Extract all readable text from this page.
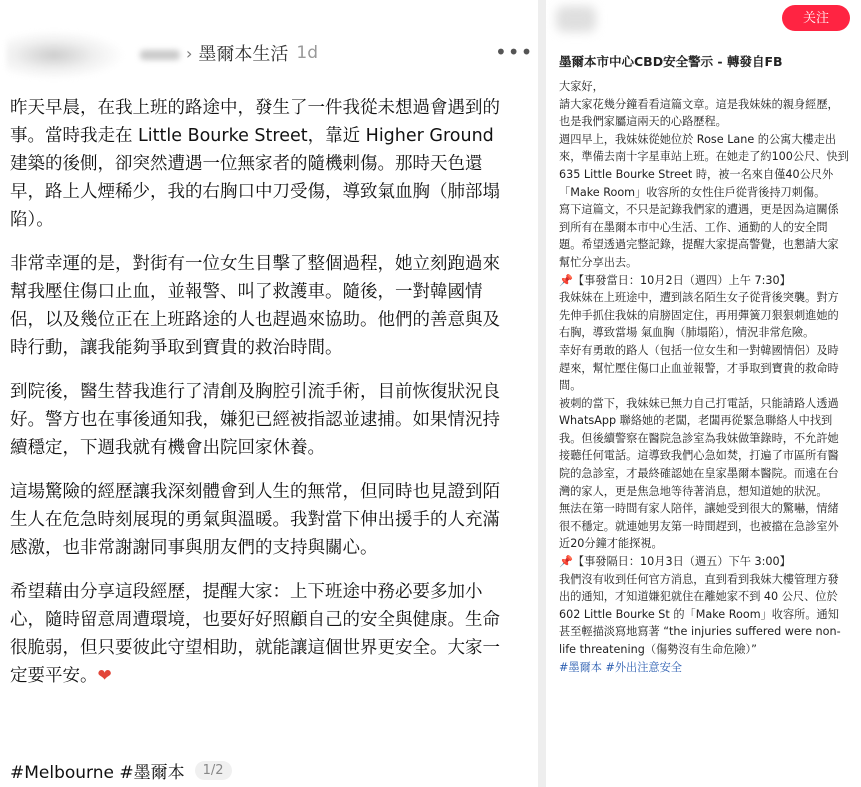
› 墨爾本生活 1d	•••

昨天早晨，在我上班的路途中，發生了一件我從未想過會遇到的事。當時我走在 Little Bourke Street，靠近 Higher Ground 建築的後側，卻突然遭遇一位無家者的隨機刺傷。那時天色還早，路上人煙稀少，我的右胸口中刀受傷，導致氣血胸（肺部塌陷）。

非常幸運的是，對街有一位女生目擊了整個過程，她立刻跑過來幫我壓住傷口止血，並報警、叫了救護車。隨後，一對韓國情侶，以及幾位正在上班路途的人也趕過來協助。他們的善意與及時行動，讓我能夠爭取到寶貴的救治時間。

到院後，醫生替我進行了清創及胸腔引流手術，目前恢復狀況良好。警方也在事後通知我，嫌犯已經被指認並逮捕。如果情況持續穩定，下週我就有機會出院回家休養。

這場驚險的經歷讓我深刻體會到人生的無常，但同時也見證到陌生人在危急時刻展現的勇氣與溫暖。我對當下伸出援手的人充滿感激，也非常謝謝同事與朋友們的支持與關心。

希望藉由分享這段經歷，提醒大家：上下班途中務必要多加小心，隨時留意周遭環境，也要好好照顧自己的安全與健康。生命很脆弱，但只要彼此守望相助，就能讓這個世界更安全。大家一定要平安。❤

#Melbourne #墨爾本	1/2
关注
墨爾本市中心CBD安全警示 - 轉發自FB

大家好，

請大家花幾分鐘看看這篇文章。這是我妹妹的親身經歷，也是我們家屬這兩天的心路歷程。

週四早上，我妹妹從她位於 Rose Lane 的公寓大樓走出來，準備去南十字星車站上班。在她走了約100公尺、快到 635 Little Bourke Street 時，被一名來自僅40公尺外「Make Room」收容所的女性住戶從背後持刀刺傷。

寫下這篇文，不只是記錄我們家的遭遇，更是因為這關係到所有在墨爾本市中心生活、工作、通勤的人的安全問題。希望透過完整記錄，提醒大家提高警覺，也懇請大家幫忙分享出去。

📌【事發當日：10月2日（週四）上午 7:30】

我妹妹在上班途中，遭到該名陌生女子從背後突襲。對方先伸手抓住我妹的肩膀固定住，再用彈簧刀狠狠刺進她的右胸，導致當場 氣血胸（肺塌陷），情況非常危險。

幸好有勇敢的路人（包括一位女生和一對韓國情侶）及時趕來，幫忙壓住傷口止血並報警，才爭取到寶貴的救命時間。

被刺的當下，我妹妹已無力自己打電話，只能請路人透過 WhatsApp 聯絡她的老闆，老闆再從緊急聯絡人中找到我。但後續警察在醫院急診室為我妹做筆錄時，不允許她接聽任何電話。這導致我們心急如焚，打遍了市區所有醫院的急診室，才最終確認她在皇家墨爾本醫院。而遠在台灣的家人，更是焦急地等待著消息，想知道她的狀況。

無法在第一時間有家人陪伴，讓她受到很大的驚嚇，情緒很不穩定。就連她男友第一時間趕到，也被擋在急診室外近20分鐘才能探視。

📌【事發隔日：10月3日（週五）下午 3:00】

我們沒有收到任何官方消息，直到看到我妹大樓管理方發出的通知，才知道嫌犯就住在離她家不到 40 公尺、位於 602 Little Bourke St 的「Make Room」收容所。通知甚至輕描淡寫地寫著 “the injuries suffered were non-life threatening（傷勢沒有生命危險）”

#墨爾本 #外出注意安全
